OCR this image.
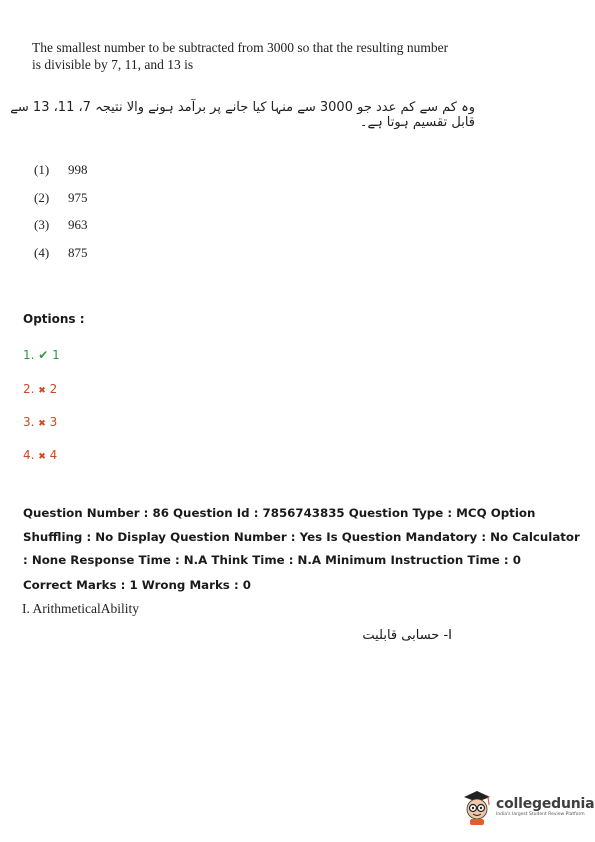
The smallest number to be subtracted from 3000 so that the resulting number is divisible by 7, 11, and 13 is
وہ کم سے کم عدد جو 3000 سے منہا کیا جانے پر برآمد ہونے والا نتیجہ 7، 11، 13 سے قابل تقسیم ہوتا ہے۔
(1)	998
(2)	975
(3)	963
(4)	875
Options :
1. ✔ 1
2. ✖ 2
3. ✖ 3
4. ✖ 4
Question Number : 86 Question Id : 7856743835 Question Type : MCQ Option Shuffling : No Display Question Number : Yes Is Question Mandatory : No Calculator : None Response Time : N.A Think Time : N.A Minimum Instruction Time : 0
Correct Marks : 1 Wrong Marks : 0
I. ArithmeticalAbility
I- حسابی قابلیت
collegedunia
India's largest Student Review Platform
